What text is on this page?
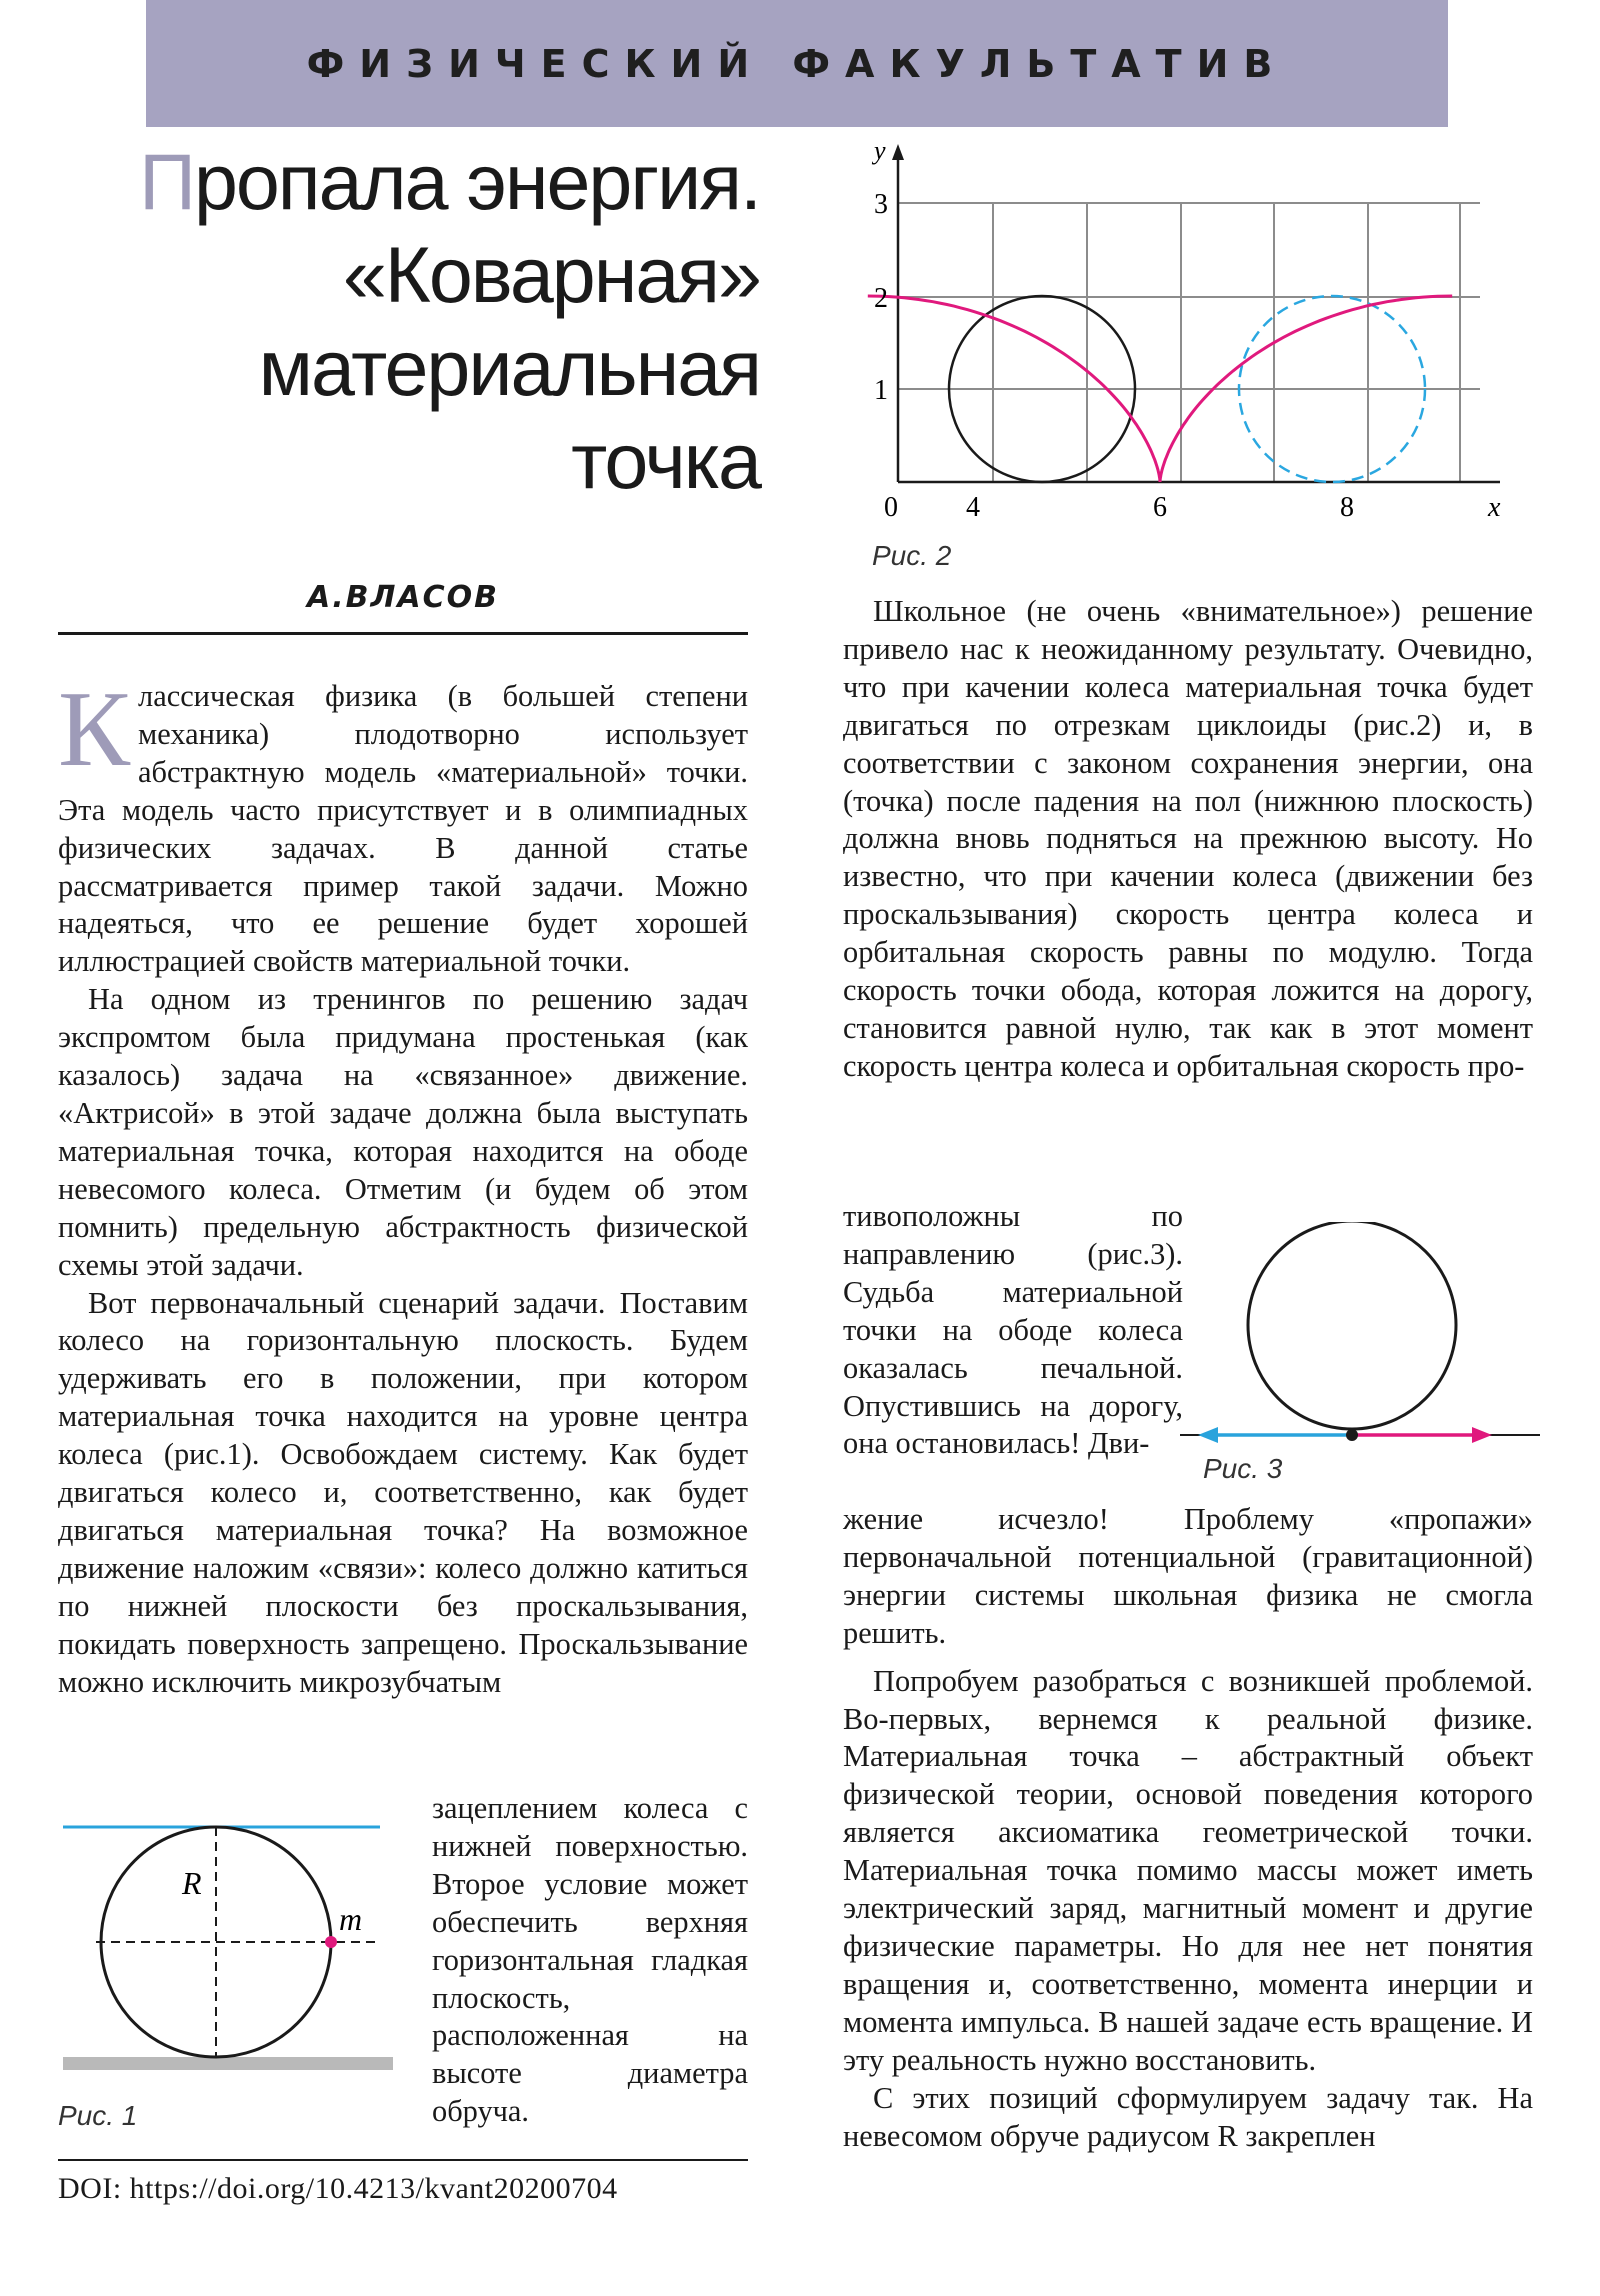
ФИЗИЧЕСКИЙ ФАКУЛЬТАТИВ
Пропала энергия.
«Коварная»
материальная
точка
А.ВЛАСОВ

Классическая физика (в большей степени механика) плодотворно использует абстрактную модель «материальной» точки. Эта модель часто присутствует и в олимпиадных физических задачах. В данной статье рассматривается пример такой задачи. Можно надеяться, что ее решение будет хорошей иллюстрацией свойств материальной точки.

На одном из тренингов по решению задач экспромтом была придумана простенькая (как казалось) задача на «связанное» движение. «Актрисой» в этой задаче должна была выступать материальная точка, которая находится на ободе невесомого колеса. Отметим (и будем об этом помнить) предельную абстрактность физической схемы этой задачи.

Вот первоначальный сценарий задачи. Поставим колесо на горизонтальную плоскость. Будем удерживать его в положении, при котором материальная точка находится на уровне центра колеса (рис.1). Освобождаем систему. Как будет двигаться колесо и, соответственно, как будет двигаться материальная точка? На возможное движение наложим «связи»: колесо должно катиться по нижней плоскости без проскальзывания, покидать поверхность запрещено. Проскальзывание можно исключить микрозубчатым

зацеплением колеса с нижней поверхностью. Второе условие может обеспечить верхняя горизонтальная гладкая плоскость, расположенная на высоте диаметра обруча.

R
m
Рис. 1
DOI: https://doi.org/10.4213/kvant20200704
y
x
3
2
1
0 4	6	8
Рис. 2

Школьное (не очень «внимательное») решение привело нас к неожиданному результату. Очевидно, что при качении колеса материальная точка будет двигаться по отрезкам циклоиды (рис.2) и, в соответствии с законом сохранения энергии, она (точка) после падения на пол (нижнюю плоскость) должна вновь подняться на прежнюю высоту. Но известно, что при качении колеса (движении без проскальзывания) скорость центра колеса и орбитальная скорость равны по модулю. Тогда скорость точки обода, которая ложится на дорогу, становится равной нулю, так как в этот момент скорость центра колеса и орбитальная скорость про-

тивоположны по направлению (рис.3). Судьба материальной точки на ободе колеса оказалась печальной. Опустившись на дорогу, она остановилась! Дви-

жение исчезло! Проблему «пропажи» первоначальной потенциальной (гравитационной) энергии системы школьная физика не смогла решить.

Попробуем разобраться с возникшей проблемой. Во-первых, вернемся к реальной физике. Материальная точка – абстрактный объект физической теории, основой поведения которого является аксиоматика геометрической точки. Материальная точка помимо массы может иметь электрический заряд, магнитный момент и другие физические параметры. Но для нее нет понятия вращения и, соответственно, момента инерции и момента импульса. В нашей задаче есть вращение. И эту реальность нужно восстановить.

С этих позиций сформулируем задачу так. На невесомом обруче радиусом R закреплен

Рис. 3
